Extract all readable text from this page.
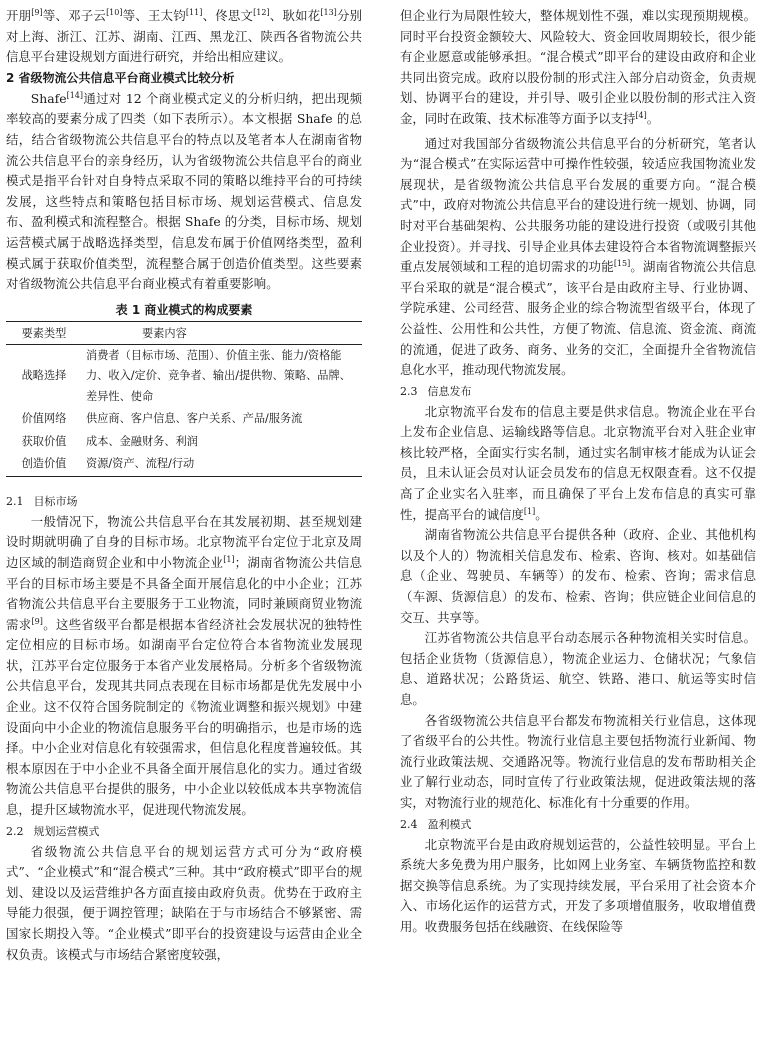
开朋[9]等、邓子云[10]等、王太钧[11]、佟思文[12]、耿如花[13]分别对上海、浙江、江苏、湖南、江西、黑龙江、陕西各省物流公共信息平台建设规划方面进行研究，并给出相应建议。

2 省级物流公共信息平台商业模式比较分析

Shafe[14]通过对 12 个商业模式定义的分析归纳，把出现频率较高的要素分成了四类（如下表所示）。本文根据 Shafe 的总结，结合省级物流公共信息平台的特点以及笔者本人在湖南省物流公共信息平台的亲身经历，认为省级物流公共信息平台的商业模式是指平台针对自身特点采取不同的策略以维持平台的可持续发展，这些特点和策略包括目标市场、规划运营模式、信息发布、盈利模式和流程整合。根据 Shafe 的分类，目标市场、规划运营模式属于战略选择类型，信息发布属于价值网络类型，盈利模式属于获取价值类型，流程整合属于创造价值类型。这些要素对省级物流公共信息平台商业模式有着重要影响。

表 1 商业模式的构成要素
要素类型	要素内容
战略选择	消费者（目标市场、范围）、价值主张、能力/资格能力、收入/定价、竞争者、输出/提供物、策略、品牌、差异性、使命
价值网络	供应商、客户信息、客户关系、产品/服务流
获取价值	成本、金融财务、利润
创造价值	资源/资产、流程/行动
2.1 目标市场

一般情况下，物流公共信息平台在其发展初期、甚至规划建设时期就明确了自身的目标市场。北京物流平台定位于北京及周边区域的制造商贸企业和中小物流企业[1]；湖南省物流公共信息平台的目标市场主要是不具备全面开展信息化的中小企业；江苏省物流公共信息平台主要服务于工业物流，同时兼顾商贸业物流需求[9]。这些省级平台都是根据本省经济社会发展状况的独特性定位相应的目标市场。如湖南平台定位符合本省物流业发展现状，江苏平台定位服务于本省产业发展格局。分析多个省级物流公共信息平台，发现其共同点表现在目标市场都是优先发展中小企业。这不仅符合国务院制定的《物流业调整和振兴规划》中建设面向中小企业的物流信息服务平台的明确指示，也是市场的选择。中小企业对信息化有较强需求，但信息化程度普遍较低。其根本原因在于中小企业不具备全面开展信息化的实力。通过省级物流公共信息平台提供的服务，中小企业以较低成本共享物流信息，提升区域物流水平，促进现代物流发展。

2.2 规划运营模式

省级物流公共信息平台的规划运营方式可分为“政府模式”、“企业模式”和“混合模式”三种。其中“政府模式”即平台的规划、建设以及运营维护各方面直接由政府负责。优势在于政府主导能力很强，便于调控管理；缺陷在于与市场结合不够紧密、需国家长期投入等。“企业模式”即平台的投资建设与运营由企业全权负责。该模式与市场结合紧密度较强，

但企业行为局限性较大，整体规划性不强，难以实现预期规模。同时平台投资金额较大、风险较大、资金回收周期较长，很少能有企业愿意或能够承担。“混合模式”即平台的建设由政府和企业共同出资完成。政府以股份制的形式注入部分启动资金，负责规划、协调平台的建设，并引导、吸引企业以股份制的形式注入资金，同时在政策、技术标准等方面予以支持[4]。

通过对我国部分省级物流公共信息平台的分析研究，笔者认为“混合模式”在实际运营中可操作性较强，较适应我国物流业发展现状，是省级物流公共信息平台发展的重要方向。“混合模式”中，政府对物流公共信息平台的建设进行统一规划、协调，同时对平台基础架构、公共服务功能的建设进行投资（或吸引其他企业投资）。并寻找、引导企业具体去建设符合本省物流调整振兴重点发展领域和工程的追切需求的功能[15]。湖南省物流公共信息平台采取的就是“混合模式”，该平台是由政府主导、行业协调、学院承建、公司经营、服务企业的综合物流型省级平台，体现了公益性、公用性和公共性，方便了物流、信息流、资金流、商流的流通，促进了政务、商务、业务的交汇，全面提升全省物流信息化水平，推动现代物流发展。

2.3 信息发布

北京物流平台发布的信息主要是供求信息。物流企业在平台上发布企业信息、运输线路等信息。北京物流平台对入驻企业审核比较严格，全面实行实名制，通过实名制审核才能成为认证会员，且未认证会员对认证会员发布的信息无权限查看。这不仅提高了企业实名入驻率，而且确保了平台上发布信息的真实可靠性，提高平台的诚信度[1]。

湖南省物流公共信息平台提供各种（政府、企业、其他机构以及个人的）物流相关信息发布、检索、咨询、核对。如基础信息（企业、驾驶员、车辆等）的发布、检索、咨询；需求信息（车源、货源信息）的发布、检索、咨询；供应链企业间信息的交互、共享等。

江苏省物流公共信息平台动态展示各种物流相关实时信息。包括企业货物（货源信息），物流企业运力、仓储状况；气象信息、道路状况；公路货运、航空、铁路、港口、航运等实时信息。

各省级物流公共信息平台都发布物流相关行业信息，这体现了省级平台的公共性。物流行业信息主要包括物流行业新闻、物流行业政策法规、交通路况等。物流行业信息的发布帮助相关企业了解行业动态，同时宣传了行业政策法规，促进政策法规的落实，对物流行业的规范化、标准化有十分重要的作用。

2.4 盈利模式

北京物流平台是由政府规划运营的，公益性较明显。平台上系统大多免费为用户服务，比如网上业务室、车辆货物监控和数据交换等信息系统。为了实现持续发展，平台采用了社会资本介入、市场化运作的运营方式，开发了多项增值服务，收取增值费用。收费服务包括在线融资、在线保险等
